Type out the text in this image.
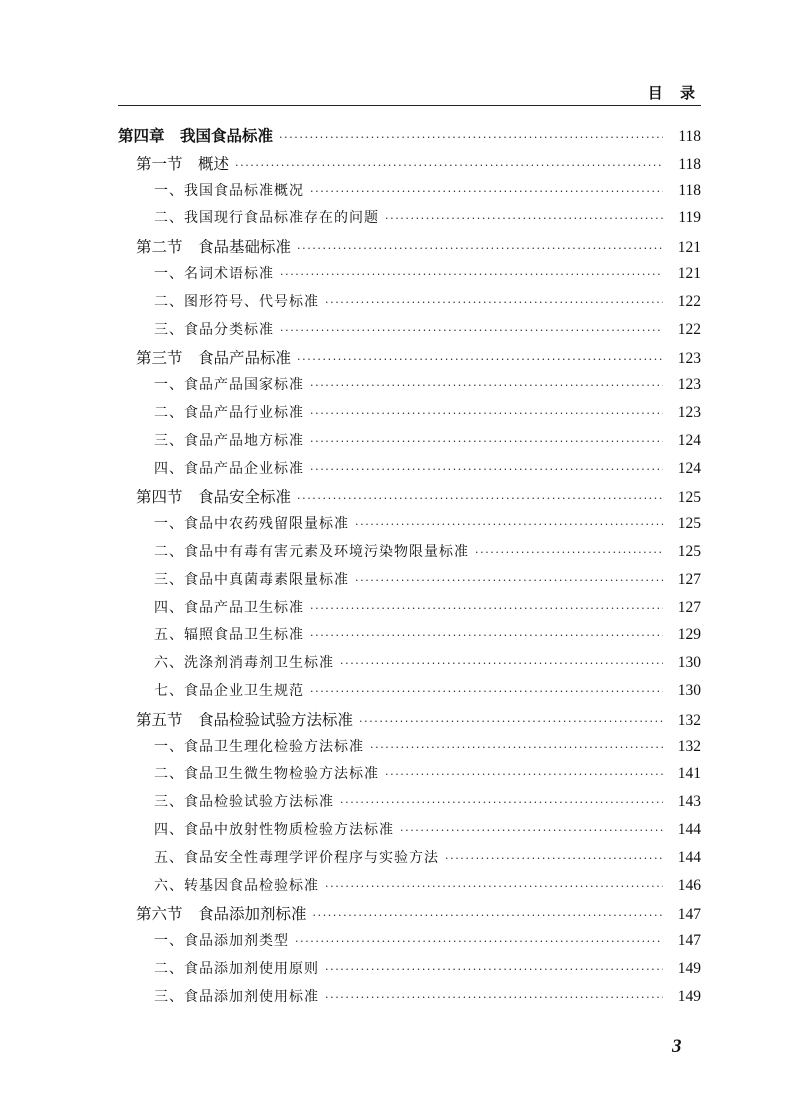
目 录
第四章　我国食品标准 ·····	118
第一节　概述 ·····	118
一、我国食品标准概况 ·····	118
二、我国现行食品标准存在的问题 ·····	119
第二节　食品基础标准 ·····	121
一、名词术语标准 ·····	121
二、图形符号、代号标准 ·····	122
三、食品分类标准 ·····	122
第三节　食品产品标准 ·····	123
一、食品产品国家标准 ·····	123
二、食品产品行业标准 ·····	123
三、食品产品地方标准 ·····	124
四、食品产品企业标准 ·····	124
第四节　食品安全标准 ·····	125
一、食品中农药残留限量标准 ·····	125
二、食品中有毒有害元素及环境污染物限量标准 ·····	125
三、食品中真菌毒素限量标准 ·····	127
四、食品产品卫生标准 ·····	127
五、辐照食品卫生标准 ·····	129
六、洗涤剂消毒剂卫生标准 ·····	130
七、食品企业卫生规范 ·····	130
第五节　食品检验试验方法标准 ·····	132
一、食品卫生理化检验方法标准 ·····	132
二、食品卫生微生物检验方法标准 ·····	141
三、食品检验试验方法标准 ·····	143
四、食品中放射性物质检验方法标准 ·····	144
五、食品安全性毒理学评价程序与实验方法 ·····	144
六、转基因食品检验标准 ·····	146
第六节　食品添加剂标准 ·····	147
一、食品添加剂类型 ·····	147
二、食品添加剂使用原则 ·····	149
三、食品添加剂使用标准 ·····	149
3
